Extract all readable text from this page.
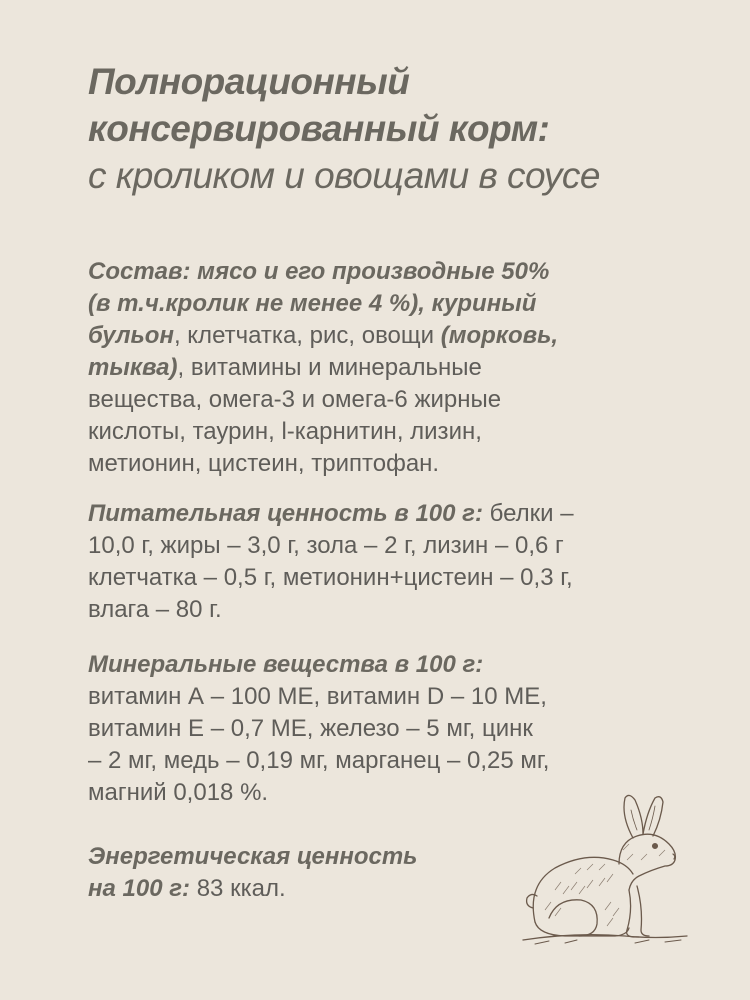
Полнорационный
консервированный корм:
с кроликом и овощами в соусе
Состав: мясо и его производные 50%
(в т.ч.кролик не менее 4 %), куриный
бульон, клетчатка, рис, овощи (морковь,
тыква), витамины и минеральные
вещества, омега-3 и омега-6 жирные
кислоты, таурин, l-карнитин, лизин,
метионин, цистеин, триптофан.
Питательная ценность в 100 г: белки –
10,0 г, жиры – 3,0 г, зола – 2 г, лизин – 0,6 г
клетчатка – 0,5 г, метионин+цистеин – 0,3 г,
влага – 80 г.
Минеральные вещества в 100 г:
витамин А – 100 МЕ, витамин D – 10 МЕ,
витамин Е – 0,7 МЕ, железо – 5 мг, цинк
– 2 мг, медь – 0,19 мг, марганец – 0,25 мг,
магний 0,018 %.
Энергетическая ценность
на 100 г: 83 ккал.
